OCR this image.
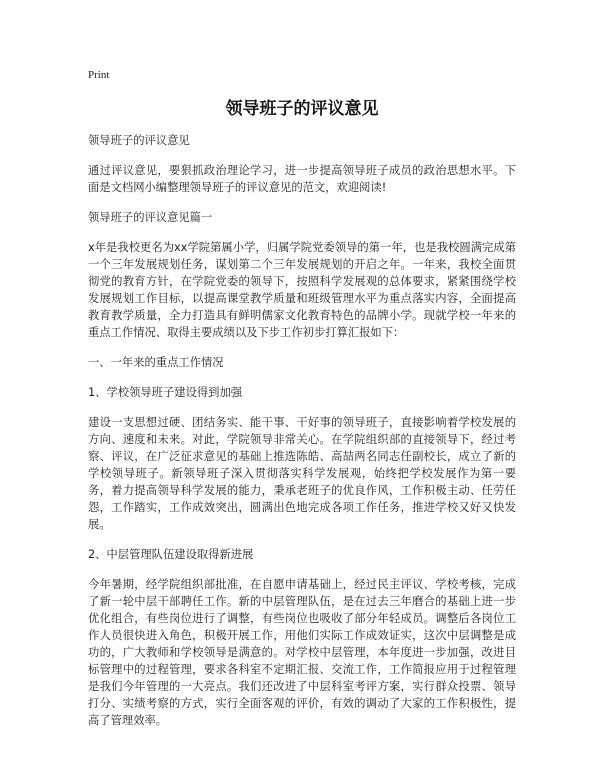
Print
领导班子的评议意见
领导班子的评议意见
通过评议意见，要狠抓政治理论学习，进一步提高领导班子成员的政治思想水平。下面是文档网小编整理领导班子的评议意见的范文，欢迎阅读!
领导班子的评议意见篇一
x年是我校更名为xx学院第属小学，归属学院党委领导的第一年，也是我校圆满完成第一个三年发展规划任务，谋划第二个三年发展规划的开启之年。一年来，我校全面贯彻党的教育方针，在学院党委的领导下，按照科学发展观的总体要求，紧紧围绕学校发展规划工作目标，以提高课堂教学质量和班级管理水平为重点落实内容，全面提高教育教学质量，全力打造具有鲜明儒家文化教育特色的品牌小学。现就学校一年来的重点工作情况、取得主要成绩以及下步工作初步打算汇报如下：
一、一年来的重点工作情况
1、学校领导班子建设得到加强
建设一支思想过硬、团结务实、能干事、干好事的领导班子，直接影响着学校发展的方向、速度和未来。对此，学院领导非常关心。在学院组织部的直接领导下，经过考察、评议，在广泛征求意见的基础上推选陈皓、高喆两名同志任副校长，成立了新的学校领导班子。新领导班子深入贯彻落实科学发展观，始终把学校发展作为第一要务，着力提高领导科学发展的能力，秉承老班子的优良作风，工作积极主动、任劳任怨，工作踏实，工作成效突出，圆满出色地完成各项工作任务，推进学校又好又快发展。
2、中层管理队伍建设取得新进展
今年暑期，经学院组织部批准，在自愿申请基础上，经过民主评议、学校考核，完成了新一轮中层干部聘任工作。新的中层管理队伍，是在过去三年磨合的基础上进一步优化组合，有些岗位进行了调整，有些岗位也吸收了部分年轻成员。调整后各岗位工作人员很快进入角色，积极开展工作，用他们实际工作成效证实，这次中层调整是成功的，广大教师和学校领导是满意的。对学校中层管理，本年度进一步加强，改进目标管理中的过程管理，要求各科室不定期汇报、交流工作，工作简报应用于过程管理是我们今年管理的一大亮点。我们还改进了中层科室考评方案，实行群众投票、领导打分、实绩考察的方式，实行全面客观的评价，有效的调动了大家的工作积极性，提高了管理效率。
